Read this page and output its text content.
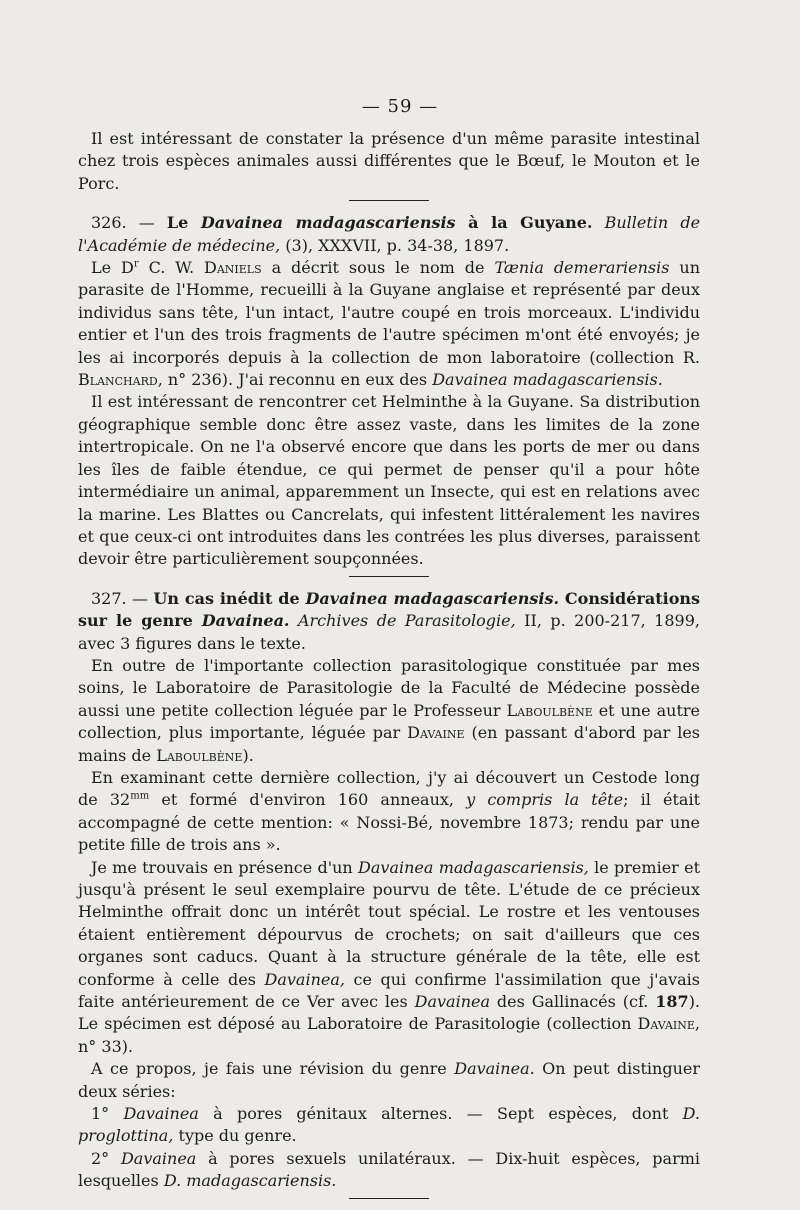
— 59 —

Il est intéressant de constater la présence d'un même parasite intestinal chez trois espèces animales aussi différentes que le Bœuf, le Mouton et le Porc.

326. — Le Davainea madagascariensis à la Guyane. Bulletin de l'Académie de médecine, (3), XXXVII, p. 34-38, 1897.

Le $D^r$ C. W. Daniels a décrit sous le nom de Tænia demerariensis un parasite de l'Homme, recueilli à la Guyane anglaise et représenté par deux individus sans tête, l'un intact, l'autre coupé en trois morceaux. L'individu entier et l'un des trois fragments de l'autre spécimen m'ont été envoyés; je les ai incorporés depuis à la collection de mon laboratoire (collection R. Blanchard, n° 236). J'ai reconnu en eux des Davainea madagascariensis.

Il est intéressant de rencontrer cet Helminthe à la Guyane. Sa distribution géographique semble donc être assez vaste, dans les limites de la zone intertropicale. On ne l'a observé encore que dans les ports de mer ou dans les îles de faible étendue, ce qui permet de penser qu'il a pour hôte intermédiaire un animal, apparemment un Insecte, qui est en relations avec la marine. Les Blattes ou Cancrelats, qui infestent littéralement les navires et que ceux-ci ont introduites dans les contrées les plus diverses, paraissent devoir être particulièrement soupçonnées.

327. — Un cas inédit de Davainea madagascariensis. Considérations sur le genre Davainea. Archives de Parasitologie, II, p. 200-217, 1899, avec 3 figures dans le texte.

En outre de l'importante collection parasitologique constituée par mes soins, le Laboratoire de Parasitologie de la Faculté de Médecine possède aussi une petite collection léguée par le Professeur Laboulbène et une autre collection, plus importante, léguée par Davaine (en passant d'abord par les mains de Laboulbène).

En examinant cette dernière collection, j'y ai découvert un Cestode long de $32^{mm}$ et formé d'environ 160 anneaux, y compris la tête; il était accompagné de cette mention: « Nossi-Bé, novembre 1873; rendu par une petite fille de trois ans ».

Je me trouvais en présence d'un Davainea madagascariensis, le premier et jusqu'à présent le seul exemplaire pourvu de tête. L'étude de ce précieux Helminthe offrait donc un intérêt tout spécial. Le rostre et les ventouses étaient entièrement dépourvus de crochets; on sait d'ailleurs que ces organes sont caducs. Quant à la structure générale de la tête, elle est conforme à celle des Davainea, ce qui confirme l'assimilation que j'avais faite antérieurement de ce Ver avec les Davainea des Gallinacés (cf. 187). Le spécimen est déposé au Laboratoire de Parasitologie (collection Davaine, n° 33).

A ce propos, je fais une révision du genre Davainea. On peut distinguer deux séries:

1° Davainea à pores génitaux alternes. — Sept espèces, dont D. proglottina, type du genre.

2° Davainea à pores sexuels unilatéraux. — Dix-huit espèces, parmi lesquelles D. madagascariensis.
